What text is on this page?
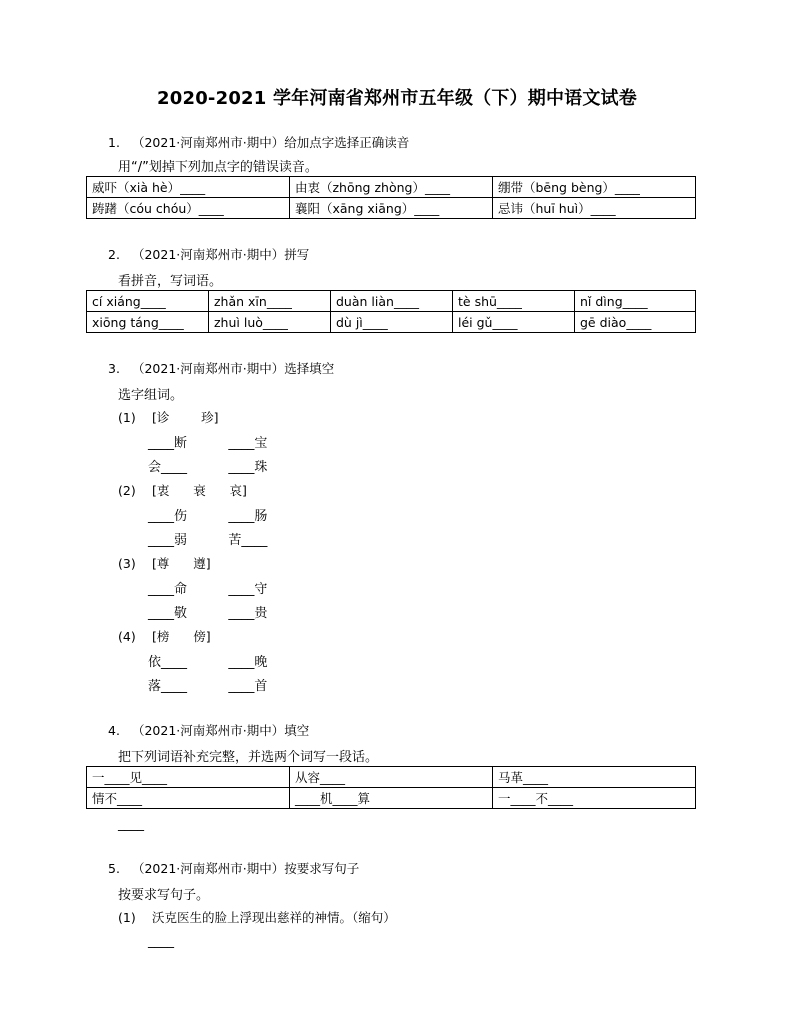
2020-2021 学年河南省郑州市五年级（下）期中语文试卷
1. （2021·河南郑州市·期中）给加点字选择正确读音
用“/”划掉下列加点字的错误读音。
威吓（xià hè）____	由衷（zhōng zhòng）____	绷带（bēng bèng）____
踌躇（cóu chóu）____	襄阳（xāng xiāng）____	忌讳（huī huì）____
2. （2021·河南郑州市·期中）拼写
看拼音，写词语。
cí xiáng____	zhǎn xīn____	duàn liàn____	tè shū____	nǐ dìng____
xiōng táng____	zhuì luò____	dù jì____	léi gǔ____	gē diào____
3. （2021·河南郑州市·期中）选择填空
选字组词。
(1) [诊        珍]
____断          ____宝
会____          ____珠
(2) [衷      衰      哀]
____伤          ____肠
____弱          苦____
(3) [尊      遵]
____命          ____守
____敬          ____贵
(4) [榜      傍]
依____          ____晚
落____          ____首
4. （2021·河南郑州市·期中）填空
把下列词语补充完整，并选两个词写一段话。
一____见____	从容____	马革____
情不____	____机____算	一____不____
____
5. （2021·河南郑州市·期中）按要求写句子
按要求写句子。
(1) 沃克医生的脸上浮现出慈祥的神情。（缩句）
____
